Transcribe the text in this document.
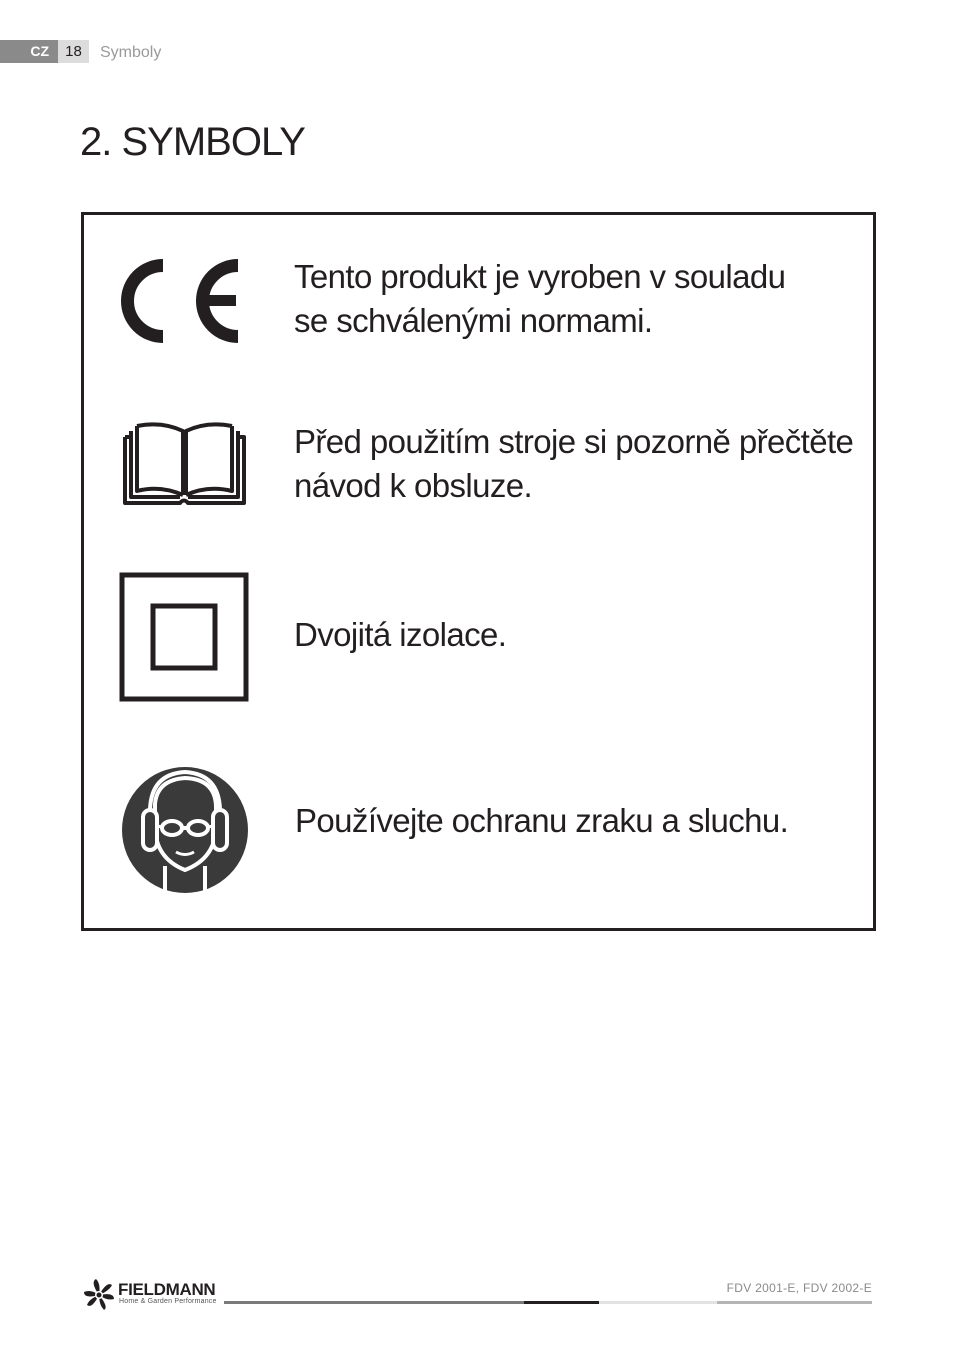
CZ	18	Symboly
2. SYMBOLY
Tento produkt je vyroben v souladu
se schválenými normami.
Před použitím stroje si pozorně přečtěte
návod k obsluze.
Dvojitá izolace.
Používejte ochranu zraku a sluchu.
FIELDMANN
Home & Garden Performance
FDV 2001-E, FDV 2002-E
